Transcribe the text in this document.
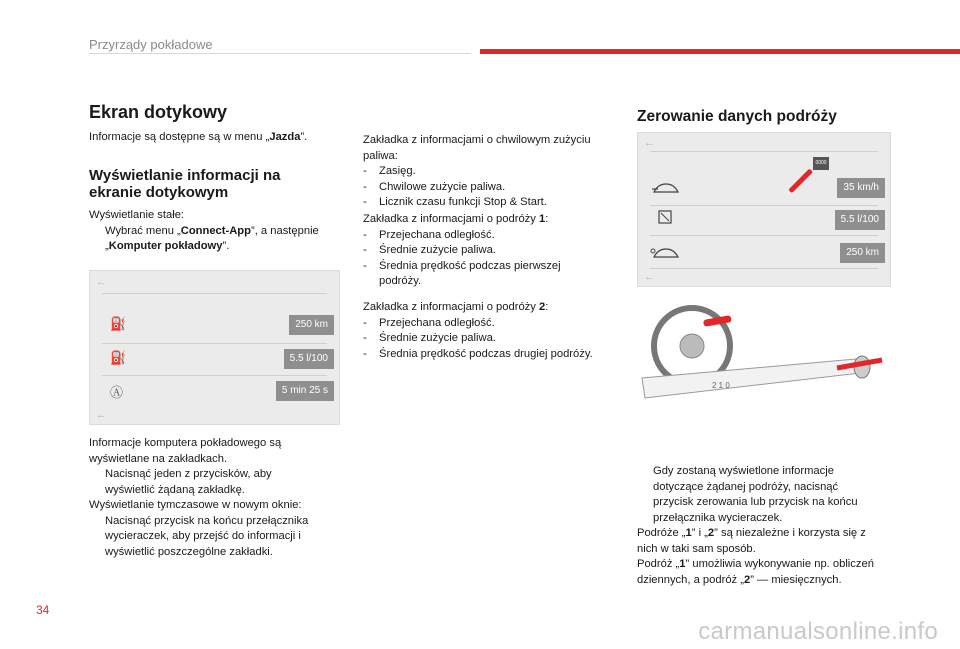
Przyrządy pokładowe
Ekran dotykowy
Informacje są dostępne są w menu „Jazda”.
Wyświetlanie informacji na
ekranie dotykowym

Wyświetlanie stałe:

Wybrać menu „Connect-App”, a następnie „Komputer pokładowy”.
←
⛽	250 km
⛽	5.5 l/100
Ⓐ	5 min 25 s
←

Informacje komputera pokładowego są

wyświetlane na zakładkach.

Nacisnąć jeden z przycisków, aby
wyświetlić żądaną zakładkę.

Wyświetlanie tymczasowe w nowym oknie:

Nacisnąć przycisk na końcu przełącznika
wycieraczek, aby przejść do informacji i
wyświetlić poszczególne zakładki.

Zakładka z informacjami o chwilowym zużyciu

paliwa:

-	Zasięg.
-	Chwilowe zużycie paliwa.
-	Licznik czasu funkcji Stop & Start.

Zakładka z informacjami o podróży 1:

-	Przejechana odległość.
-	Średnie zużycie paliwa.
-	Średnia prędkość podczas pierwszej podróży.

Zakładka z informacjami o podróży 2:

-	Przejechana odległość.
-	Średnie zużycie paliwa.
-	Średnia prędkość podczas drugiej podróży.
Zerowanie danych podróży
←
0000
35 km/h
5.5 l/100
250 km
←
2 1 0
Gdy zostaną wyświetlone informacje
dotyczące żądanej podróży, nacisnąć
przycisk zerowania lub przycisk na końcu
przełącznika wycieraczek.

Podróże „1” i „2” są niezależne i korzysta się z

nich w taki sam sposób.

Podróż „1” umożliwia wykonywanie np. obliczeń

dziennych, a podróż „2” — miesięcznych.

34
carmanualsonline.info
